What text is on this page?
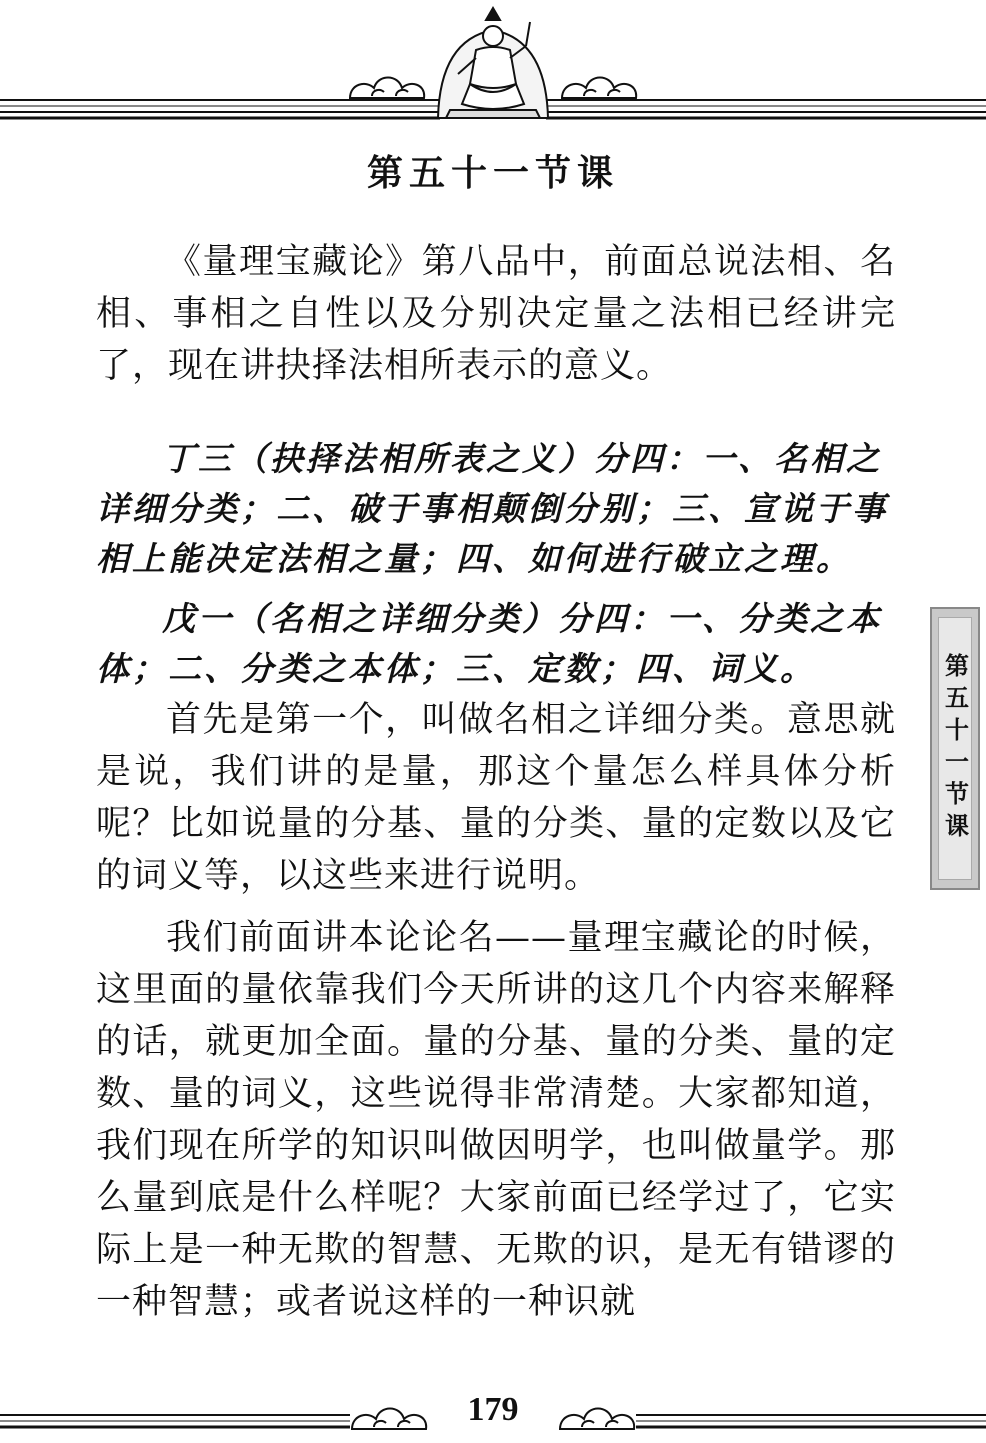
第五十一节课

《量理宝藏论》第八品中，前面总说法相、名相、事相之自性以及分别决定量之法相已经讲完了，现在讲抉择法相所表示的意义。

丁三（抉择法相所表之义）分四：一、名相之详细分类；二、破于事相颠倒分别；三、宣说于事相上能决定法相之量；四、如何进行破立之理。

戊一（名相之详细分类）分四：一、分类之本体；二、分类之本体；三、定数；四、词义。

首先是第一个，叫做名相之详细分类。意思就是说，我们讲的是量，那这个量怎么样具体分析呢？比如说量的分基、量的分类、量的定数以及它的词义等，以这些来进行说明。

我们前面讲本论论名——量理宝藏论的时候，这里面的量依靠我们今天所讲的这几个内容来解释的话，就更加全面。量的分基、量的分类、量的定数、量的词义，这些说得非常清楚。大家都知道，我们现在所学的知识叫做因明学，也叫做量学。那么量到底是什么样呢？大家前面已经学过了，它实际上是一种无欺的智慧、无欺的识，是无有错谬的一种智慧；或者说这样的一种识就

第五十一节课
179
